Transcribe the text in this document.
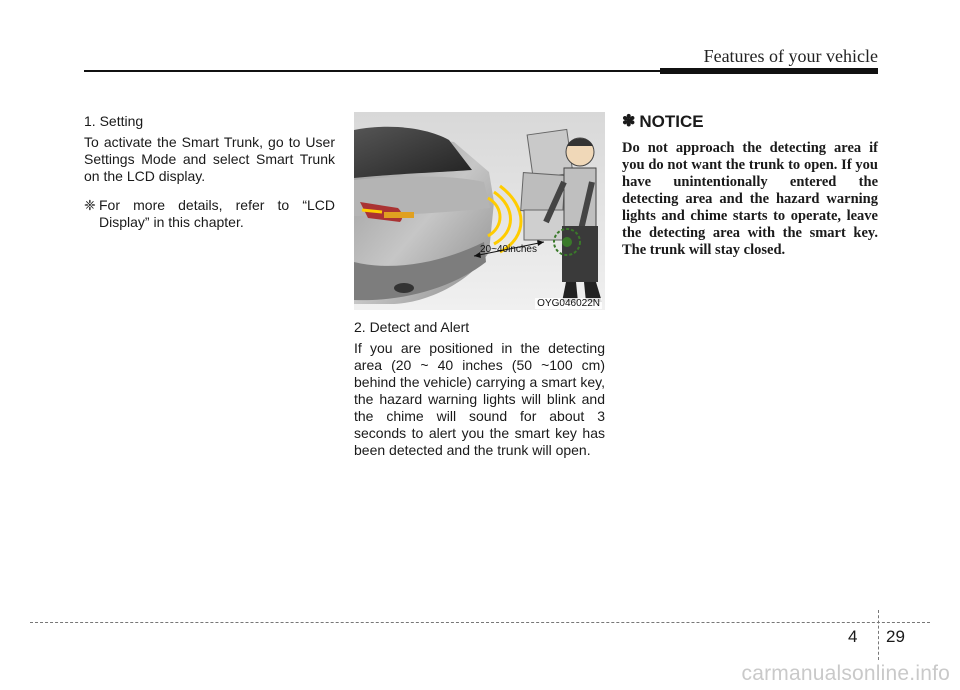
Features of your vehicle
1. Setting
To activate the Smart Trunk, go to User Settings Mode and select Smart Trunk on the LCD display.
❈ For more details, refer to “LCD Display” in this chapter.
20~40inches
OYG046022N
2. Detect and Alert
If you are positioned in the detecting area (20 ~ 40 inches (50 ~100 cm) behind the vehicle) carrying a smart key, the hazard warning lights will blink and the chime will sound for about 3 seconds to alert you the smart key has been detected and the trunk will open.
✽ NOTICE
Do not approach the detecting area if you do not want the trunk to open. If you have unintentionally entered the detecting area and the hazard warning lights and chime starts to operate, leave the detecting area with the smart key. The trunk will stay closed.
4 29
carmanualsonline.info
